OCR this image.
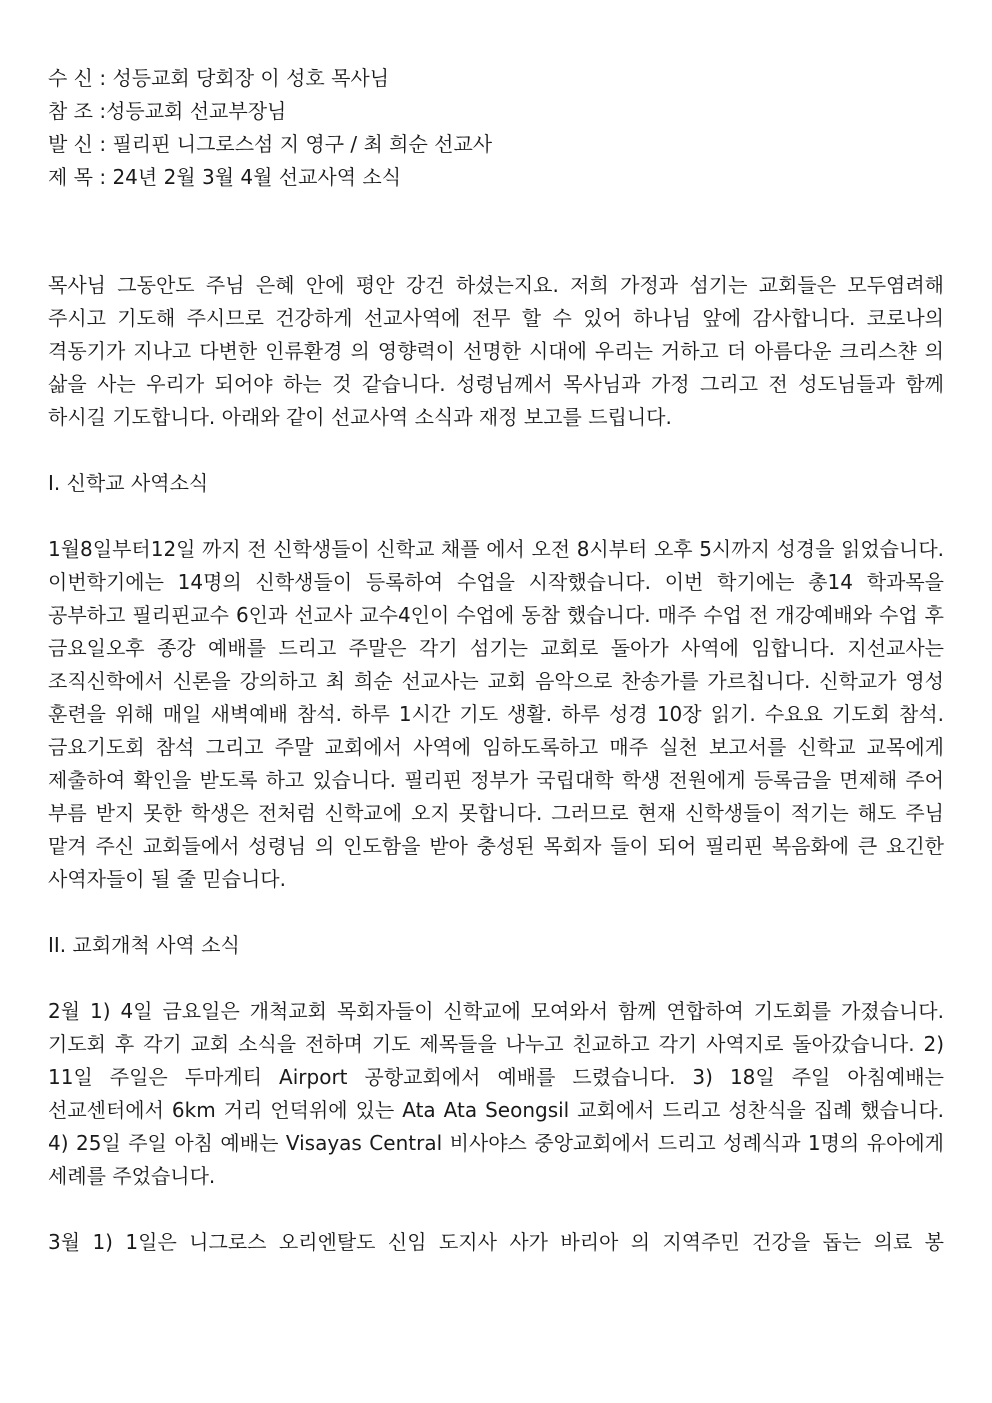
수 신 : 성등교회 당회장 이 성호 목사님
참 조 :성등교회 선교부장님
발 신 : 필리핀 니그로스섬 지 영구 / 최 희순 선교사
제 목 : 24년 2월 3월 4월 선교사역 소식

목사님 그동안도 주님 은혜 안에 평안 강건 하셨는지요. 저희 가정과 섬기는 교회들은 모두염려해 주시고 기도해 주시므로 건강하게 선교사역에 전무 할 수 있어 하나님 앞에 감사합니다. 코로나의 격동기가 지나고 다변한 인류환경 의 영향력이 선명한 시대에 우리는 거하고 더 아름다운 크리스챤 의 삶을 사는 우리가 되어야 하는 것 같습니다. 성령님께서 목사님과 가정 그리고 전 성도님들과 함께 하시길 기도합니다. 아래와 같이 선교사역 소식과 재정 보고를 드립니다.

I. 신학교 사역소식

1월8일부터12일 까지 전 신학생들이 신학교 채플 에서 오전 8시부터 오후 5시까지 성경을 읽었습니다. 이번학기에는 14명의 신학생들이 등록하여 수업을 시작했습니다. 이번 학기에는 총14 학과목을 공부하고 필리핀교수 6인과 선교사 교수4인이 수업에 동참 했습니다. 매주 수업 전 개강예배와 수업 후 금요일오후 종강 예배를 드리고 주말은 각기 섬기는 교회로 돌아가 사역에 임합니다. 지선교사는 조직신학에서 신론을 강의하고 최 희순 선교사는 교회 음악으로 찬송가를 가르칩니다. 신학교가 영성 훈련을 위해 매일 새벽예배 참석. 하루 1시간 기도 생활. 하루 성경 10장 읽기. 수요요 기도회 참석. 금요기도회 참석 그리고 주말 교회에서 사역에 임하도록하고 매주 실천 보고서를 신학교 교목에게 제출하여 확인을 받도록 하고 있습니다. 필리핀 정부가 국립대학 학생 전원에게 등록금을 면제해 주어 부름 받지 못한 학생은 전처럼 신학교에 오지 못합니다. 그러므로 현재 신학생들이 적기는 해도 주님 맡겨 주신 교회들에서 성령님 의 인도함을 받아 충성된 목회자 들이 되어 필리핀 복음화에 큰 요긴한 사역자들이 될 줄 믿습니다.

II. 교회개척 사역 소식

2월 1) 4일 금요일은 개척교회 목회자들이 신학교에 모여와서 함께 연합하여 기도회를 가졌습니다. 기도회 후 각기 교회 소식을 전하며 기도 제목들을 나누고 친교하고 각기 사역지로 돌아갔습니다. 2) 11일 주일은 두마게티 Airport 공항교회에서 예배를 드렸습니다. 3) 18일 주일 아침예배는 선교센터에서 6km 거리 언덕위에 있는 Ata Ata Seongsil 교회에서 드리고 성찬식을 집례 했습니다. 4) 25일 주일 아침 예배는 Visayas Central 비사야스 중앙교회에서 드리고 성례식과 1명의 유아에게 세례를 주었습니다.

3월 1) 1일은 니그로스 오리엔탈도 신임 도지사 사가 바리아 의 지역주민 건강을 돕는 의료 봉
